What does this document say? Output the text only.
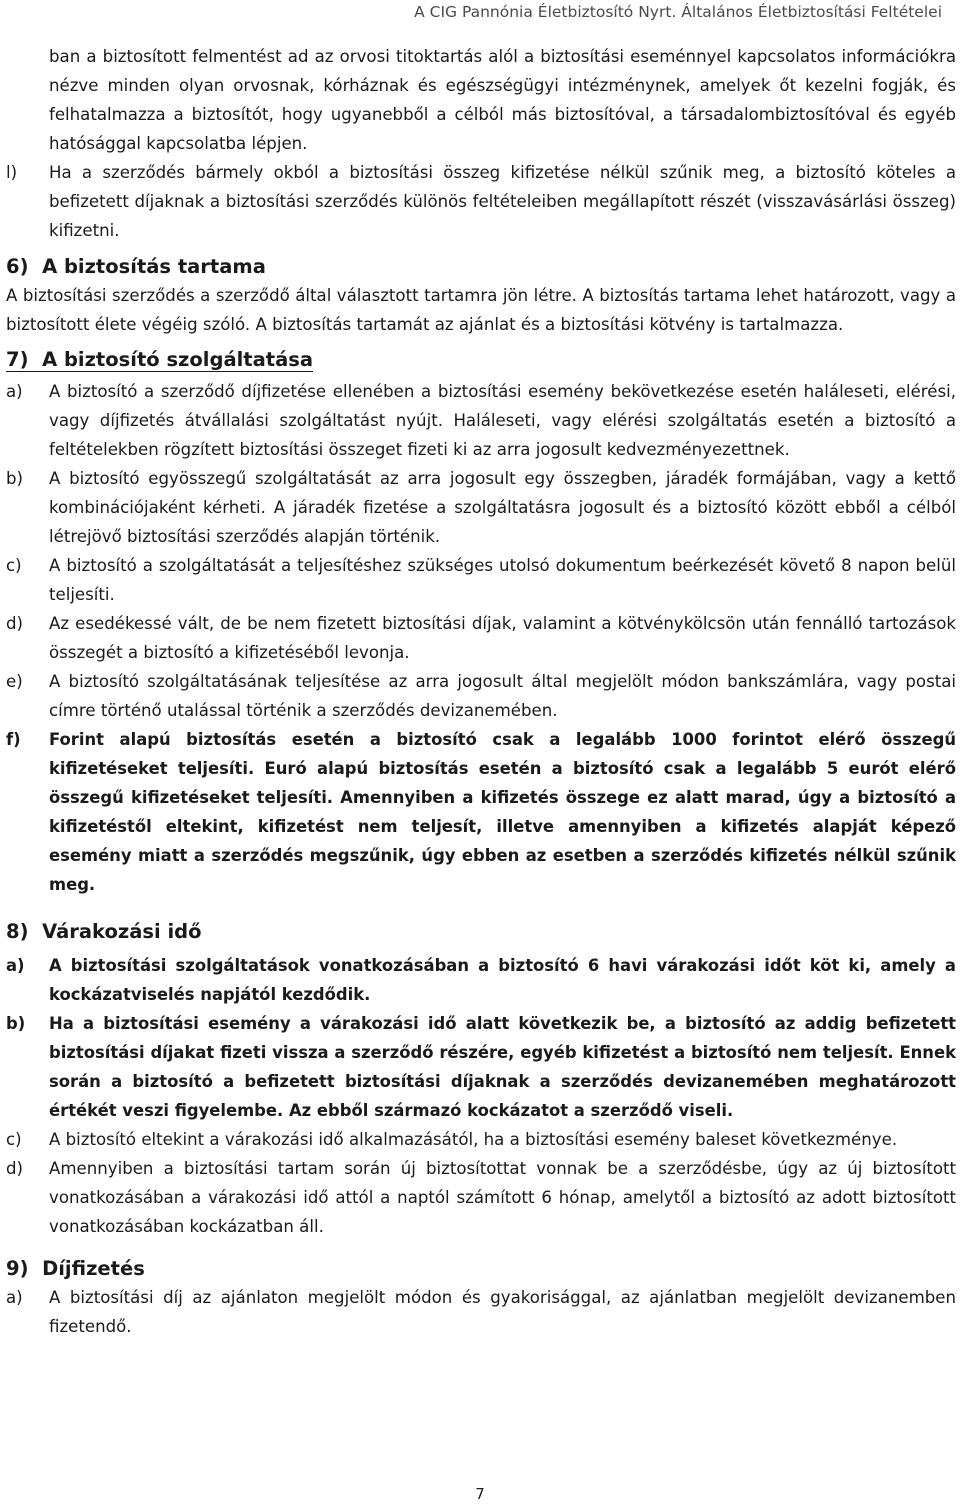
A CIG Pannónia Életbiztosító Nyrt. Általános Életbiztosítási Feltételei

ban a biztosított felmentést ad az orvosi titoktartás alól a biztosítási eseménnyel kapcsolatos információkra nézve minden olyan orvosnak, kórháznak és egészségügyi intézménynek, amelyek őt kezelni fogják, és felhatalmazza a biztosítót, hogy ugyanebből a célból más biztosítóval, a társadalombiztosítóval és egyéb hatósággal kapcsolatba lépjen.

l)	Ha a szerződés bármely okból a biztosítási összeg kifizetése nélkül szűnik meg, a biztosító köteles a befizetett díjaknak a biztosítási szerződés különös feltételeiben megállapított részét (visszavásárlási összeg) kifizetni.
6) A biztosítás tartama

A biztosítási szerződés a szerződő által választott tartamra jön létre. A biztosítás tartama lehet határozott, vagy a biztosított élete végéig szóló. A biztosítás tartamát az ajánlat és a biztosítási kötvény is tartalmazza.

7) A biztosító szolgáltatása
a)	A biztosító a szerződő díjfizetése ellenében a biztosítási esemény bekövetkezése esetén haláleseti, elérési, vagy díjfizetés átvállalási szolgáltatást nyújt. Haláleseti, vagy elérési szolgáltatás esetén a biztosító a feltételekben rögzített biztosítási összeget fizeti ki az arra jogosult kedvezményezettnek.
b)	A biztosító egyösszegű szolgáltatását az arra jogosult egy összegben, járadék formájában, vagy a kettő kombinációjaként kérheti. A járadék fizetése a szolgáltatásra jogosult és a biztosító között ebből a célból létrejövő biztosítási szerződés alapján történik.
c)	A biztosító a szolgáltatását a teljesítéshez szükséges utolsó dokumentum beérkezését követő 8 napon belül teljesíti.
d)	Az esedékessé vált, de be nem fizetett biztosítási díjak, valamint a kötvénykölcsön után fennálló tartozások összegét a biztosító a kifizetéséből levonja.
e)	A biztosító szolgáltatásának teljesítése az arra jogosult által megjelölt módon bankszámlára, vagy postai címre történő utalással történik a szerződés devizanemében.
f)	Forint alapú biztosítás esetén a biztosító csak a legalább 1000 forintot elérő összegű kifizetéseket teljesíti. Euró alapú biztosítás esetén a biztosító csak a legalább 5 eurót elérő összegű kifizetéseket teljesíti. Amennyiben a kifizetés összege ez alatt marad, úgy a biztosító a kifizetéstől eltekint, kifizetést nem teljesít, illetve amennyiben a kifizetés alapját képező esemény miatt a szerződés megszűnik, úgy ebben az esetben a szerződés kifizetés nélkül szűnik meg.
8) Várakozási idő
a)	A biztosítási szolgáltatások vonatkozásában a biztosító 6 havi várakozási időt köt ki, amely a kockázatviselés napjától kezdődik.
b)	Ha a biztosítási esemény a várakozási idő alatt következik be, a biztosító az addig befizetett biztosítási díjakat fizeti vissza a szerződő részére, egyéb kifizetést a biztosító nem teljesít. Ennek során a biztosító a befizetett biztosítási díjaknak a szerződés devizanemében meghatározott értékét veszi figyelembe. Az ebből származó kockázatot a szerződő viseli.
c)	A biztosító eltekint a várakozási idő alkalmazásától, ha a biztosítási esemény baleset következménye.
d)	Amennyiben a biztosítási tartam során új biztosítottat vonnak be a szerződésbe, úgy az új biztosított vonatkozásában a várakozási idő attól a naptól számított 6 hónap, amelytől a biztosító az adott biztosított vonatkozásában kockázatban áll.
9) Díjfizetés
a)	A biztosítási díj az ajánlaton megjelölt módon és gyakorisággal, az ajánlatban megjelölt devizanemben fizetendő.
7
